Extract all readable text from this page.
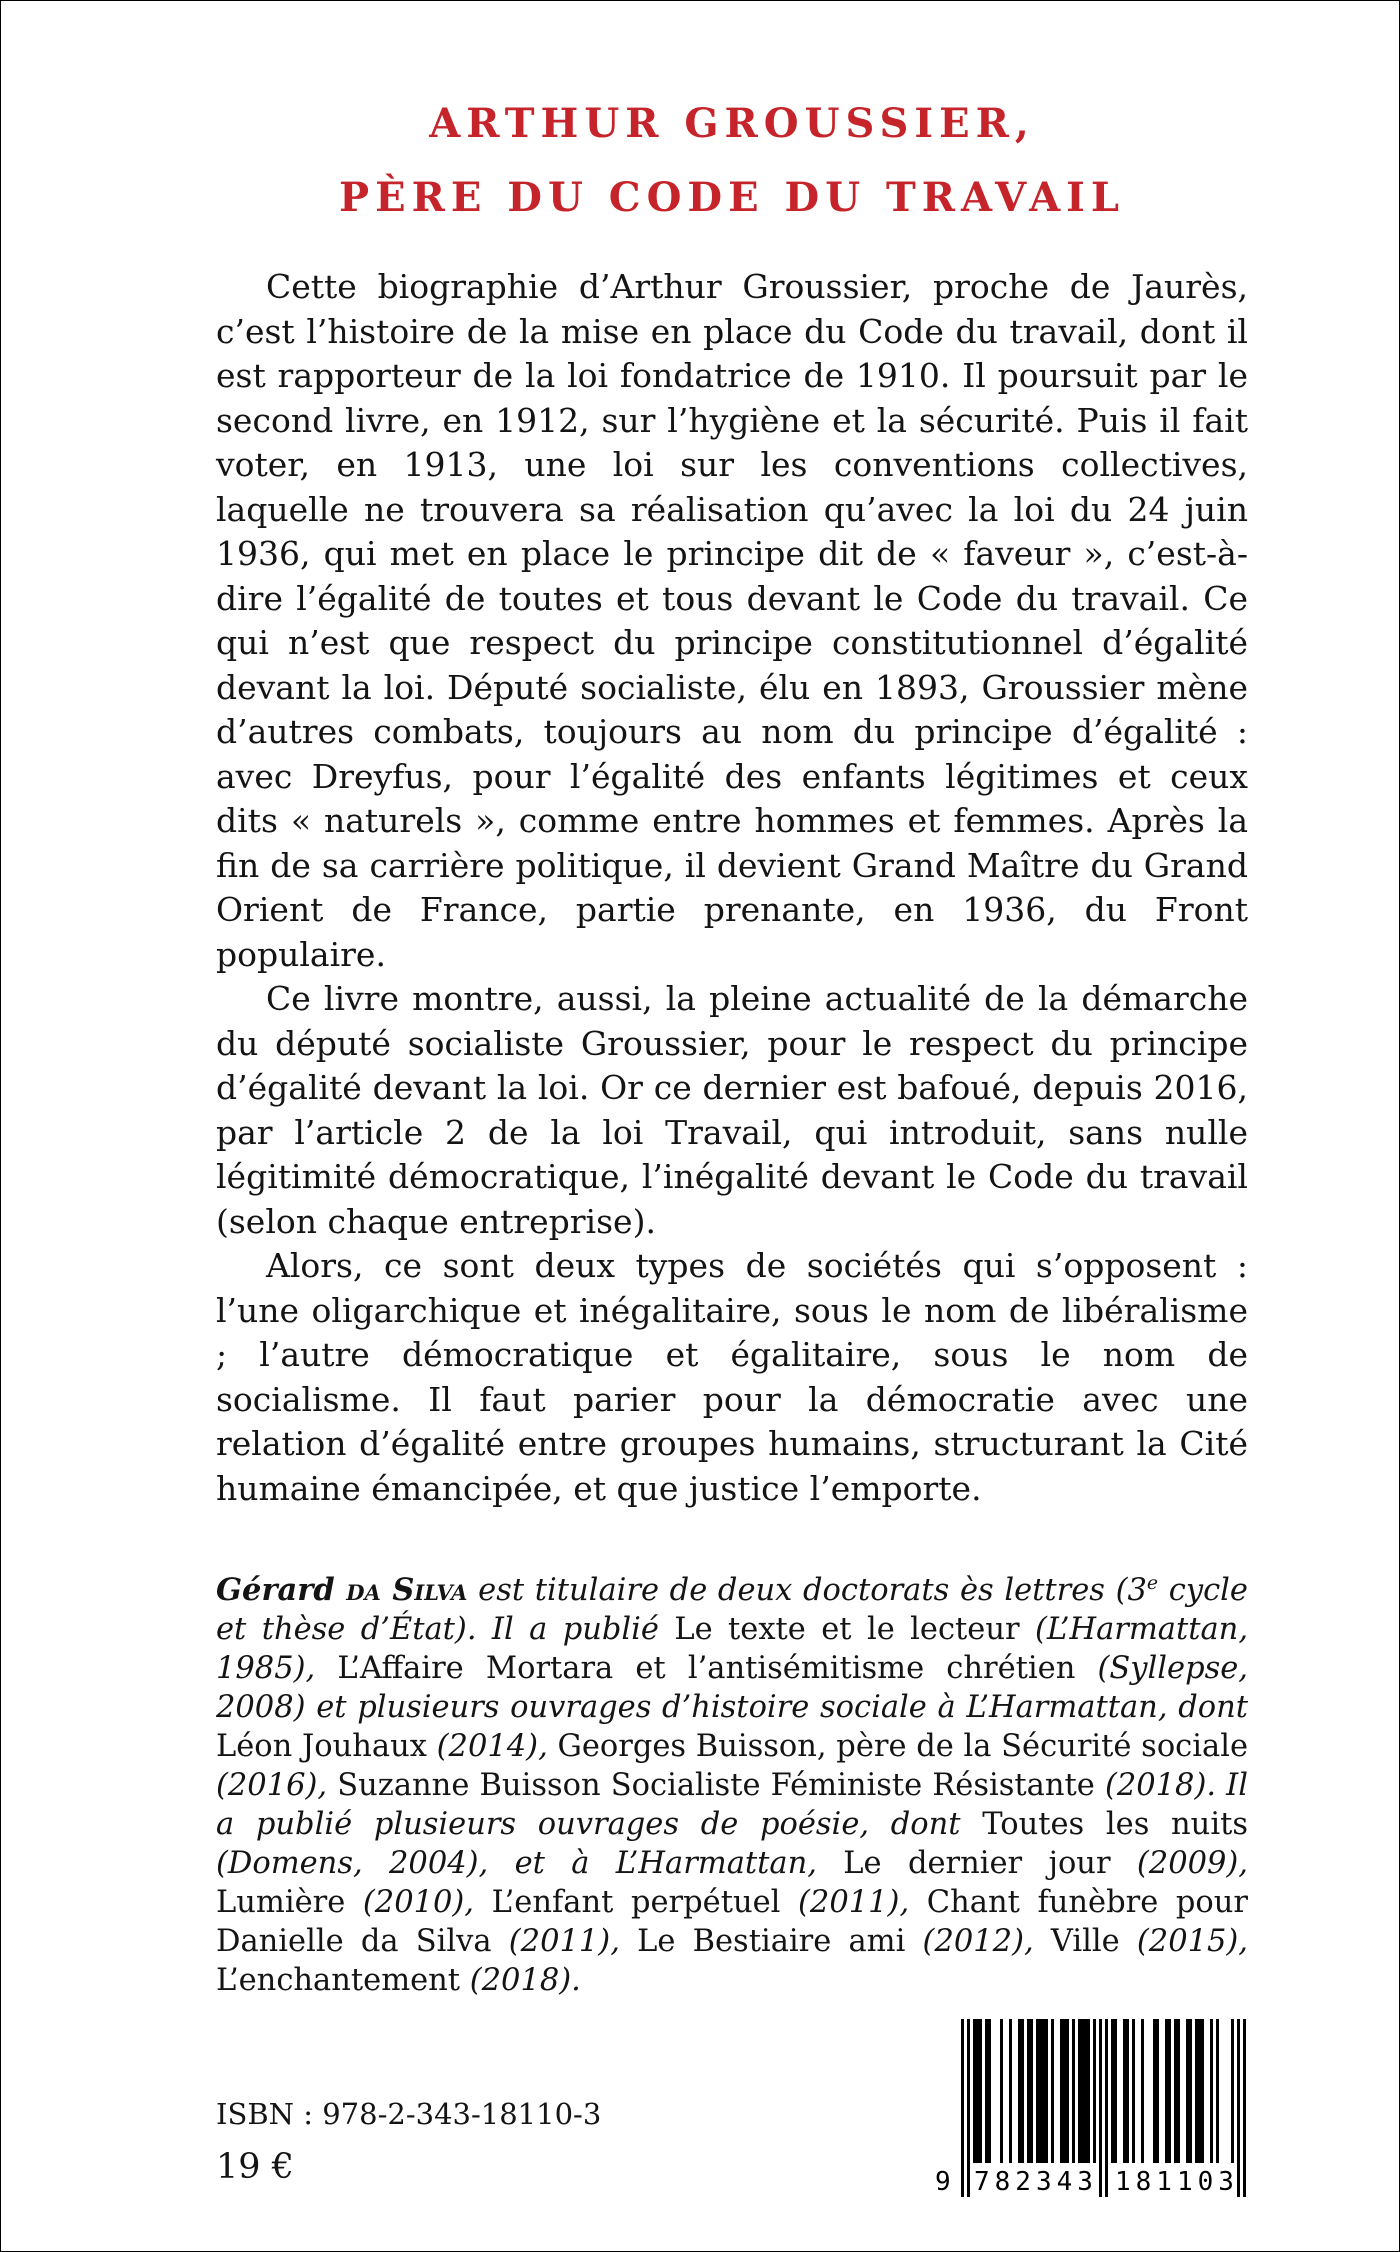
ARTHUR GROUSSIER,
PÈRE DU CODE DU TRAVAIL

Cette biographie d’Arthur Groussier, proche de Jaurès, c’est l’histoire de la mise en place du Code du travail, dont il est rapporteur de la loi fondatrice de 1910. Il poursuit par le second livre, en 1912, sur l’hygiène et la sécurité. Puis il fait voter, en 1913, une loi sur les conventions collectives, laquelle ne trouvera sa réalisation qu’avec la loi du 24 juin 1936, qui met en place le principe dit de « faveur », c’est-à-dire l’égalité de toutes et tous devant le Code du travail. Ce qui n’est que respect du principe constitutionnel d’égalité devant la loi. Député socialiste, élu en 1893, Groussier mène d’autres combats, toujours au nom du principe d’égalité : avec Dreyfus, pour l’égalité des enfants légitimes et ceux dits « naturels », comme entre hommes et femmes. Après la fin de sa carrière politique, il devient Grand Maître du Grand Orient de France, partie prenante, en 1936, du Front populaire.

Ce livre montre, aussi, la pleine actualité de la démarche du député socialiste Groussier, pour le respect du principe d’égalité devant la loi. Or ce dernier est bafoué, depuis 2016, par l’article 2 de la loi Travail, qui introduit, sans nulle légitimité démocratique, l’inégalité devant le Code du travail (selon chaque entreprise).

Alors, ce sont deux types de sociétés qui s’opposent : l’une oligarchique et inégalitaire, sous le nom de libéralisme ; l’autre démocratique et égalitaire, sous le nom de socialisme. Il faut parier pour la démocratie avec une relation d’égalité entre groupes humains, structurant la Cité humaine émancipée, et que justice l’emporte.

Gérard da Silva est titulaire de deux doctorats ès lettres (3e cycle et thèse d’État). Il a publié Le texte et le lecteur (L’Harmattan, 1985), L’Affaire Mortara et l’antisémitisme chrétien (Syllepse, 2008) et plusieurs ouvrages d’histoire sociale à L’Harmattan, dont Léon Jouhaux (2014), Georges Buisson, père de la Sécurité sociale (2016), Suzanne Buisson Socialiste Féministe Résistante (2018). Il a publié plusieurs ouvrages de poésie, dont Toutes les nuits (Domens, 2004), et à L’Harmattan, Le dernier jour (2009), Lumière (2010), L’enfant perpétuel (2011), Chant funèbre pour Danielle da Silva (2011), Le Bestiaire ami (2012), Ville (2015), L’enchantement (2018).
ISBN : 978-2-343-18110-3
19 €	9 782343 181103
